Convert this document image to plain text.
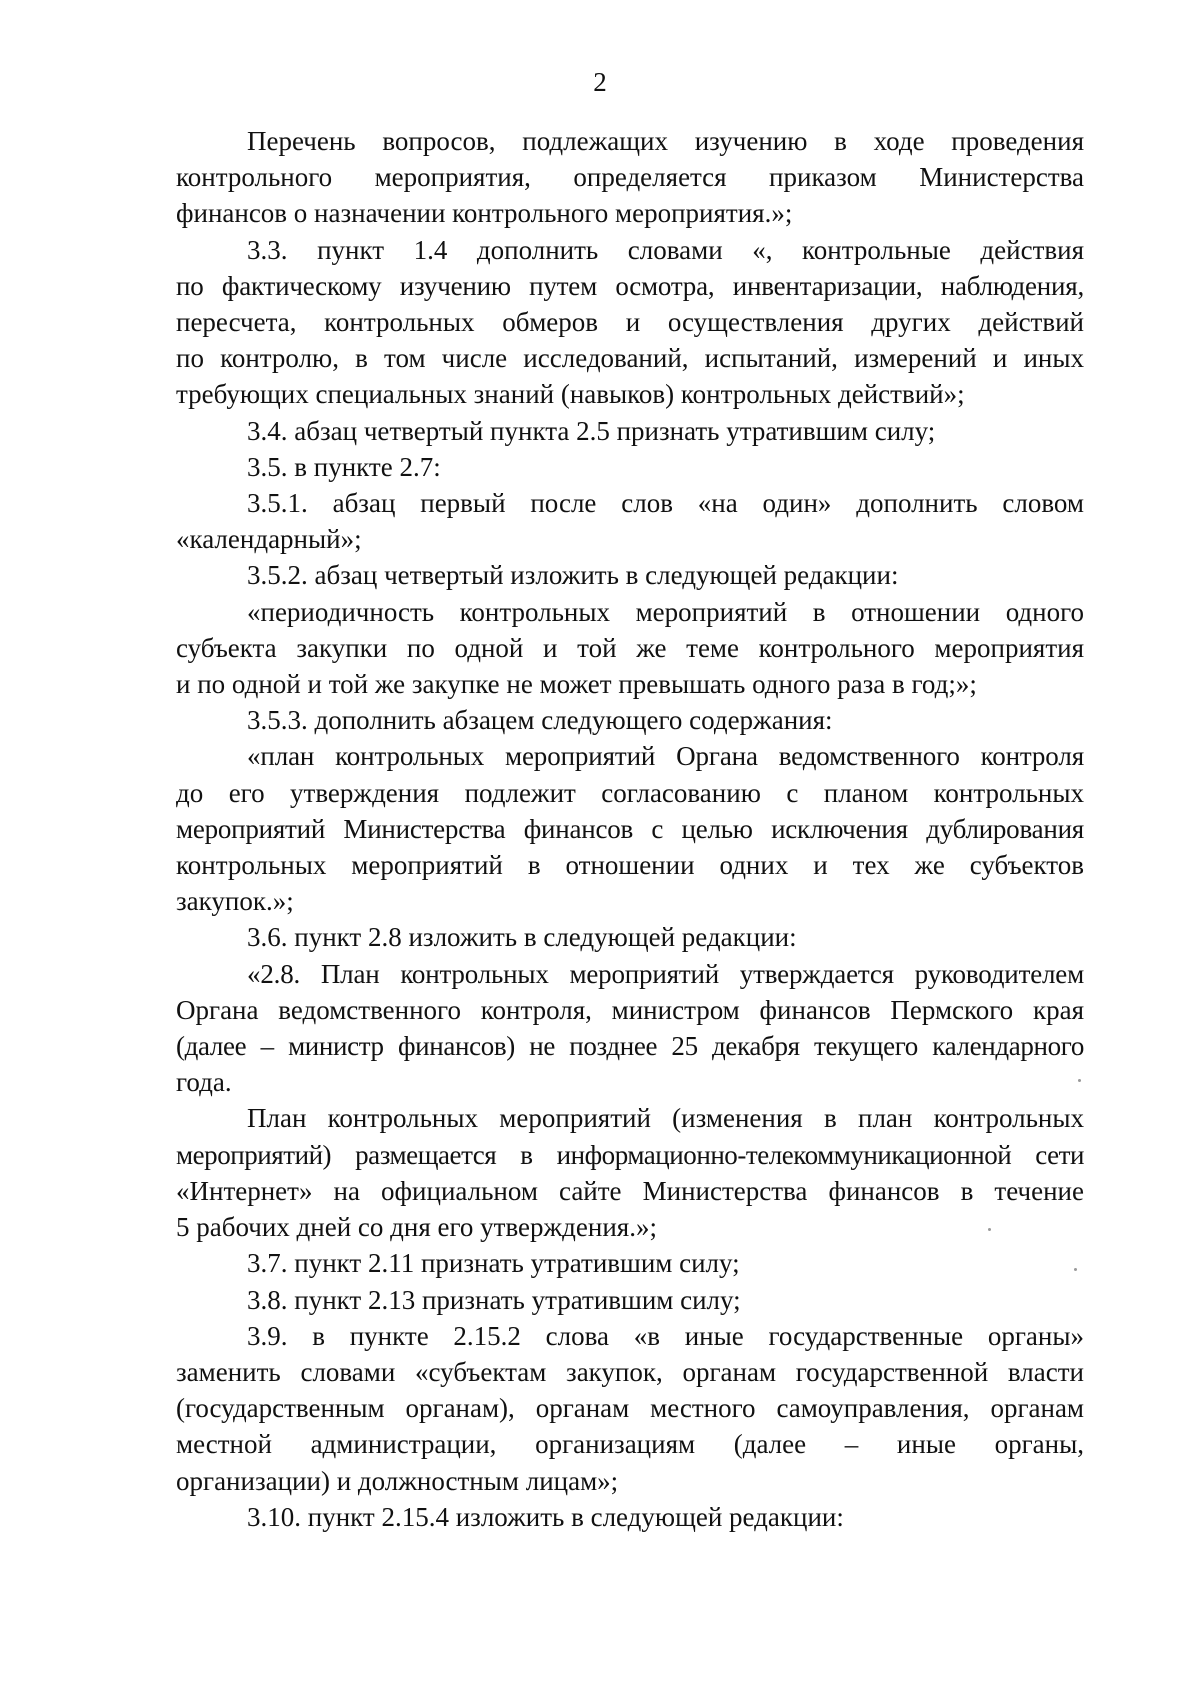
2
Перечень вопросов, подлежащих изучению в ходе проведения
контрольного мероприятия, определяется приказом Министерства
финансов о назначении контрольного мероприятия.»;
3.3. пункт 1.4 дополнить словами «, контрольные действия
по фактическому изучению путем осмотра, инвентаризации, наблюдения,
пересчета, контрольных обмеров и осуществления других действий
по контролю, в том числе исследований, испытаний, измерений и иных
требующих специальных знаний (навыков) контрольных действий»;
3.4. абзац четвертый пункта 2.5 признать утратившим силу;
3.5. в пункте 2.7:
3.5.1. абзац первый после слов «на один» дополнить словом
«календарный»;
3.5.2. абзац четвертый изложить в следующей редакции:
«периодичность контрольных мероприятий в отношении одного
субъекта закупки по одной и той же теме контрольного мероприятия
и по одной и той же закупке не может превышать одного раза в год;»;
3.5.3. дополнить абзацем следующего содержания:
«план контрольных мероприятий Органа ведомственного контроля
до его утверждения подлежит согласованию с планом контрольных
мероприятий Министерства финансов с целью исключения дублирования
контрольных мероприятий в отношении одних и тех же субъектов
закупок.»;
3.6. пункт 2.8 изложить в следующей редакции:
«2.8. План контрольных мероприятий утверждается руководителем
Органа ведомственного контроля, министром финансов Пермского края
(далее – министр финансов) не позднее 25 декабря текущего календарного
года.
План контрольных мероприятий (изменения в план контрольных
мероприятий) размещается в информационно-телекоммуникационной сети
«Интернет» на официальном сайте Министерства финансов в течение
5 рабочих дней со дня его утверждения.»;
3.7. пункт 2.11 признать утратившим силу;
3.8. пункт 2.13 признать утратившим силу;
3.9. в пункте 2.15.2 слова «в иные государственные органы»
заменить словами «субъектам закупок, органам государственной власти
(государственным органам), органам местного самоуправления, органам
местной администрации, организациям (далее – иные органы,
организации) и должностным лицам»;
3.10. пункт 2.15.4 изложить в следующей редакции:
